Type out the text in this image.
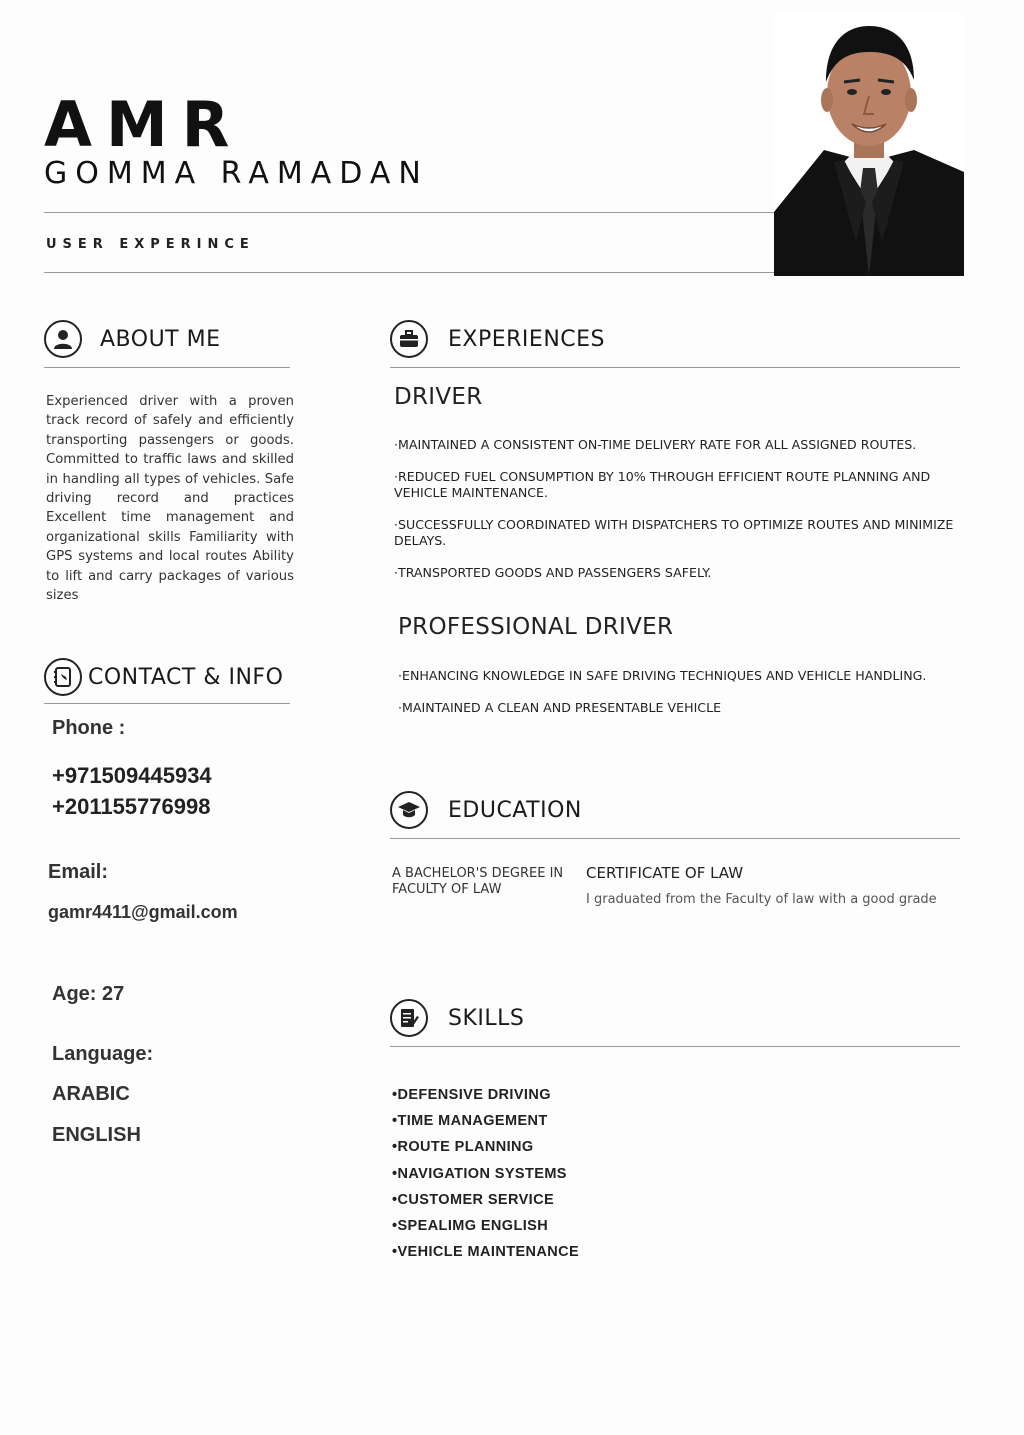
AMR
GOMMA RAMADAN
USER EXPERINCE
ABOUT ME
Experienced driver with a proven track record of safely and efficiently transporting passengers or goods. Committed to traffic laws and skilled in handling all types of vehicles. Safe driving record and practices Excellent time management and organizational skills Familiarity with GPS systems and local routes Ability to lift and carry packages of various sizes
CONTACT & INFO
Phone :
+971509445934
+201155776998
Email:
gamr4411@gmail.com
Age: 27
Language:
ARABIC
ENGLISH
EXPERIENCES
DRIVER
·MAINTAINED A CONSISTENT ON-TIME DELIVERY RATE FOR ALL ASSIGNED ROUTES.
·REDUCED FUEL CONSUMPTION BY 10% THROUGH EFFICIENT ROUTE PLANNING AND VEHICLE MAINTENANCE.
·SUCCESSFULLY COORDINATED WITH DISPATCHERS TO OPTIMIZE ROUTES AND MINIMIZE DELAYS.
·TRANSPORTED GOODS AND PASSENGERS SAFELY.
PROFESSIONAL DRIVER
·ENHANCING KNOWLEDGE IN SAFE DRIVING TECHNIQUES AND VEHICLE HANDLING.
·MAINTAINED A CLEAN AND PRESENTABLE VEHICLE
EDUCATION
A BACHELOR'S DEGREE IN FACULTY OF LAW
CERTIFICATE OF LAW
I graduated from the Faculty of law with a good grade
SKILLS
•DEFENSIVE DRIVING
•TIME MANAGEMENT
•ROUTE PLANNING
•NAVIGATION SYSTEMS
•CUSTOMER SERVICE
•SPEALIMG ENGLISH
•VEHICLE MAINTENANCE
